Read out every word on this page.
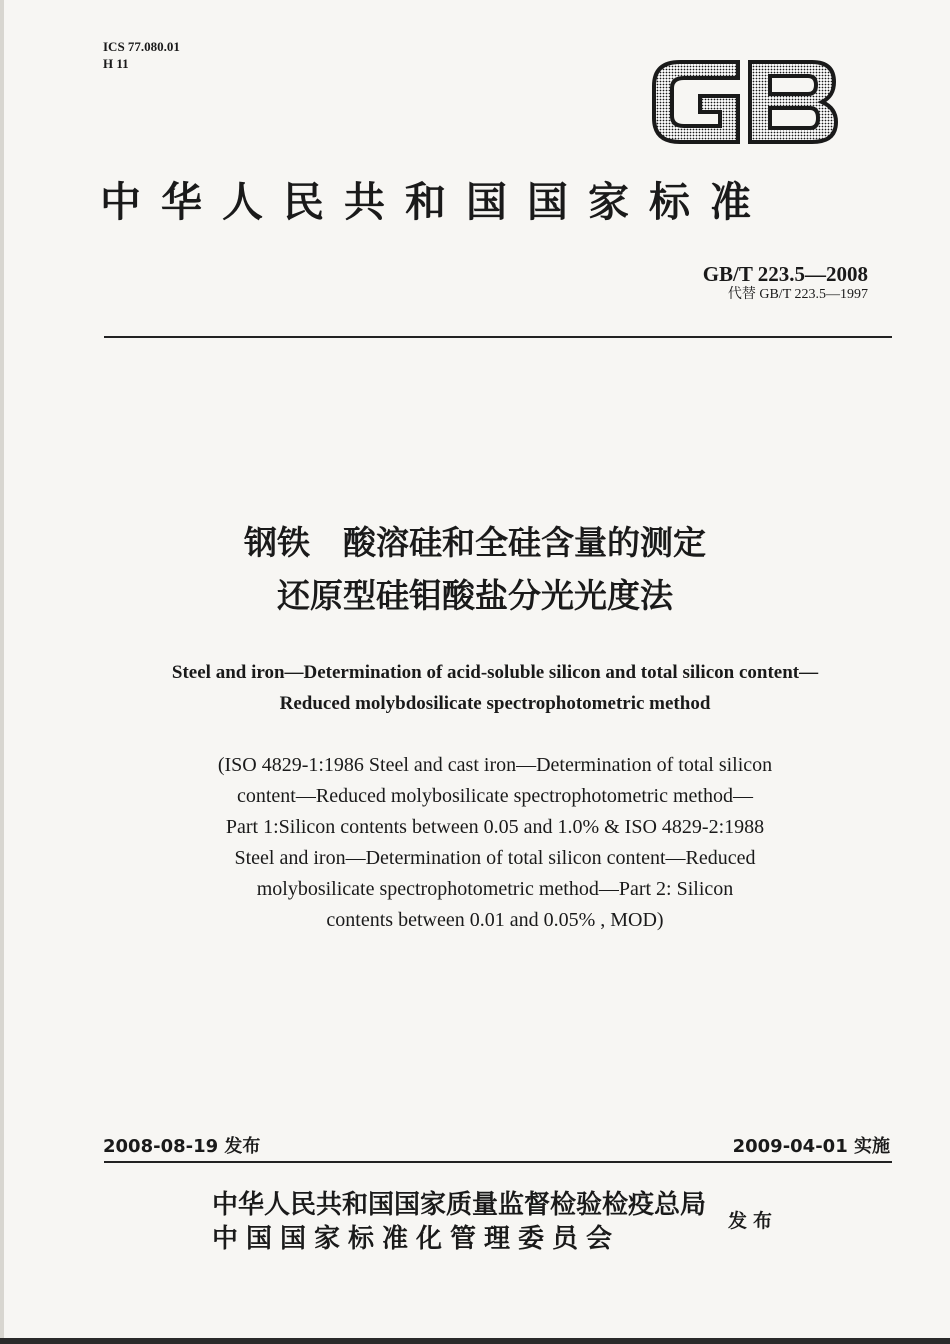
ICS 77.080.01
H 11
中华人民共和国国家标准
GB/T 223.5—2008
代替 GB/T 223.5—1997
钢铁　酸溶硅和全硅含量的测定
还原型硅钼酸盐分光光度法
Steel and iron—Determination of acid-soluble silicon and total silicon content—
Reduced molybdosilicate spectrophotometric method
(ISO 4829-1:1986 Steel and cast iron—Determination of total silicon
content—Reduced molybosilicate spectrophotometric method—
Part 1:Silicon contents between 0.05 and 1.0% & ISO 4829-2:1988
Steel and iron—Determination of total silicon content—Reduced
molybosilicate spectrophotometric method—Part 2: Silicon
contents between 0.01 and 0.05% , MOD)
2008-08-19 发布	2009-04-01 实施
中华人民共和国国家质量监督检验检疫总局
中国国家标准化管理委员会
发布
